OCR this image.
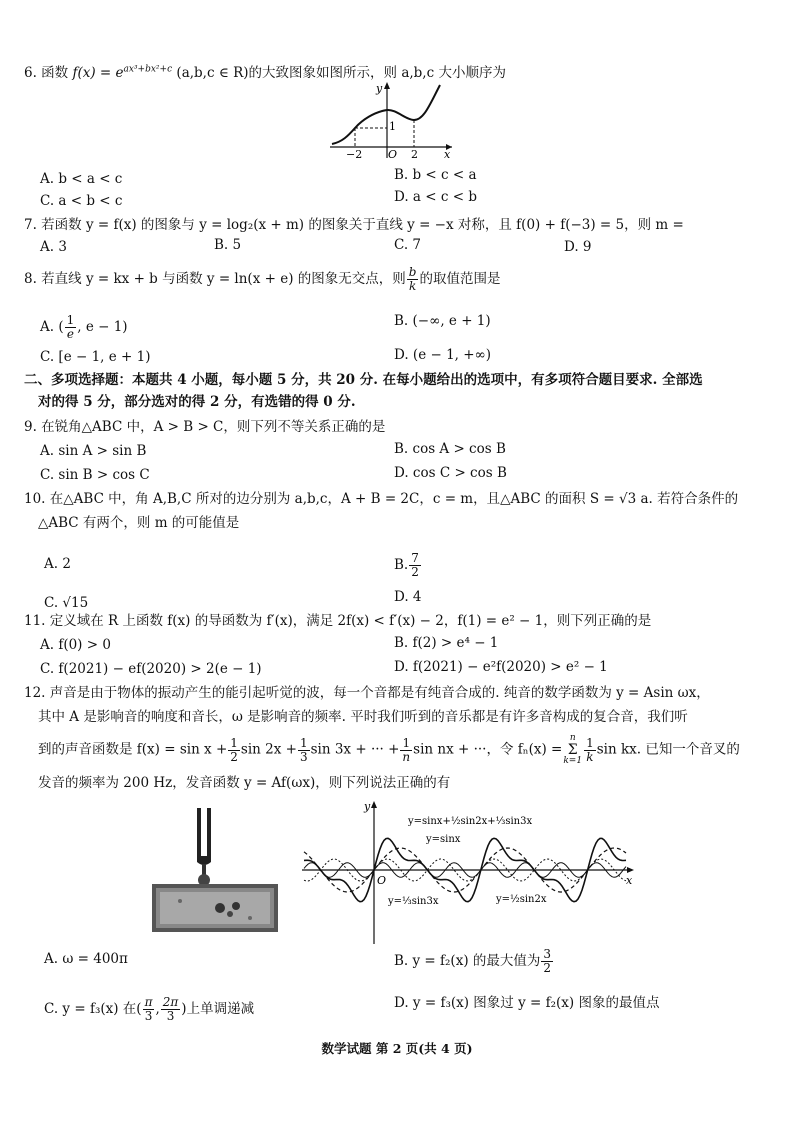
6. 函数 $f(x) = e^{ax^3+bx^2+c}$ (a,b,c ∈ R)的大致图象如图所示，则 a,b,c 大小顺序为
y
x
O
−2	2
1
A. b < a < c	B. b < c < a
C. a < b < c	D. a < c < b
7. 若函数 y = f(x) 的图象与 y = log₂(x + m) 的图象关于直线 y = −x 对称，且 f(0) + f(−3) = 5，则 m =
A. 3	B. 5	C. 7	D. 9
8. 若直线 y = kx + b 与函数 y = ln(x + e) 的图象无交点，则 $\frac{b}{k}$ 的取值范围是
A. ( $\frac{1}{e}$ , e − 1)	B. (−∞, e + 1)
C. [e − 1, e + 1)	D. (e − 1, +∞)
二、多项选择题：本题共 4 小题，每小题 5 分，共 20 分. 在每小题给出的选项中，有多项符合题目要求. 全部选
对的得 5 分，部分选对的得 2 分，有选错的得 0 分.
9. 在锐角△ABC 中，A > B > C，则下列不等关系正确的是
A. sin A > sin B	B. cos A > cos B
C. sin B > cos C	D. cos C > cos B
10. 在△ABC 中，角 A,B,C 所对的边分别为 a,b,c，A + B = 2C，c = m，且△ABC 的面积 S = √3 a. 若符合条件的
△ABC 有两个，则 m 的可能值是
A. 2	B. $\frac{7}{2}$
C. √15	D. 4
11. 定义域在 R 上函数 f(x) 的导函数为 f′(x)，满足 2f(x) < f′(x) − 2，f(1) = e² − 1，则下列正确的是
A. f(0) > 0	B. f(2) > e⁴ − 1
C. f(2021) − ef(2020) > 2(e − 1)	D. f(2021) − e²f(2020) > e² − 1
12. 声音是由于物体的振动产生的能引起听觉的波，每一个音都是有纯音合成的. 纯音的数学函数为 y = Asin ωx，
其中 A 是影响音的响度和音长，ω 是影响音的频率. 平时我们听到的音乐都是有许多音构成的复合音，我们听
到的声音函数是 $f(x) = \sin x + \frac{1}{2}$ $\sin 2x + \frac{1}{3}$ sin 3x + ··· + $\frac{1}{n}$ sin nx + ···，令 fₙ(x) =
n
Σ
$k=1 \frac{1}{k}$ sin kx. 已知一个音叉的
发音的频率为 200 Hz，发音函数 y = Af(ωx)，则下列说法正确的有
y
x
O
y=sinx+½sin2x+⅓sin3x
y=sinx
y=⅓sin3x	y=½sin2x
A. ω = 400π	B. y = f₂(x) 的最大值为 $\frac{3}{2}$
C. y = f₃(x) 在( $\frac{\pi}{3}$ , $\frac{2\pi}{3}$ )上单调递减	D. y = f₃(x) 图象过 y = f₂(x) 图象的最值点
数学试题 第 2 页(共 4 页)
